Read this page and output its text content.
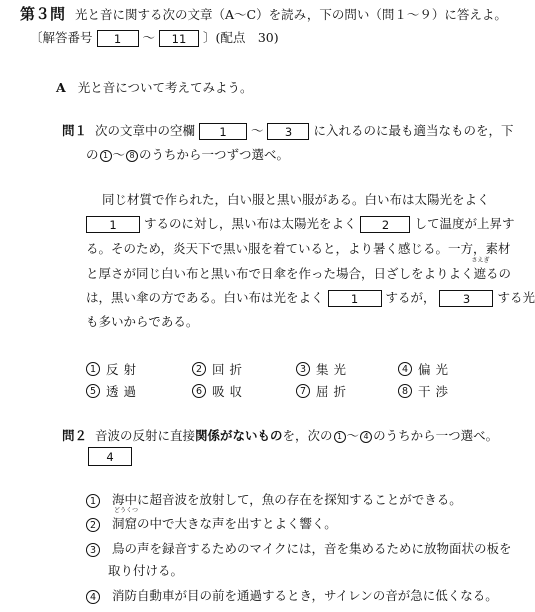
第３問 光と音に関する次の文章（A～C）を読み，下の問い（問１～９）に答えよ。
〔解答番号 1 ～ 11 〕(配点　30)
A 光と音について考えてみよう。
問１ 次の文章中の空欄 1 ～ 3 に入れるのに最も適当なものを，下
の 1 ～ 8 のうちから一つずつ選べ。
同じ材質で作られた，白い服と黒い服がある。白い布は太陽光をよく
1 するのに対し，黒い布は太陽光をよく 2 して温度が上昇す
る。そのため，炎天下で黒い服を着ていると，より暑く感じる。一方，素材
と厚さが同じ白い布と黒い布で日傘を作った場合，日ざしをよりよく
さえぎ
遮るの
は，黒い傘の方である。白い布は光をよく 1 するが， 3 する光
も多いからである。
1 反射	2 回折	3 集光	4 偏光
5 透過	6 吸収	7 屈折	8 干渉
問２ 音波の反射に直接関係がないものを，次の 1 ～ 4 のうちから一つ選べ。
4
1 海中に超音波を放射して，魚の存在を探知することができる。
2
どうくつ
洞窟の中で大きな声を出すとよく響く。
3 鳥の声を録音するためのマイクには，音を集めるために放物面状の板を
取り付ける。
4 消防自動車が目の前を通過するとき，サイレンの音が急に低くなる。
